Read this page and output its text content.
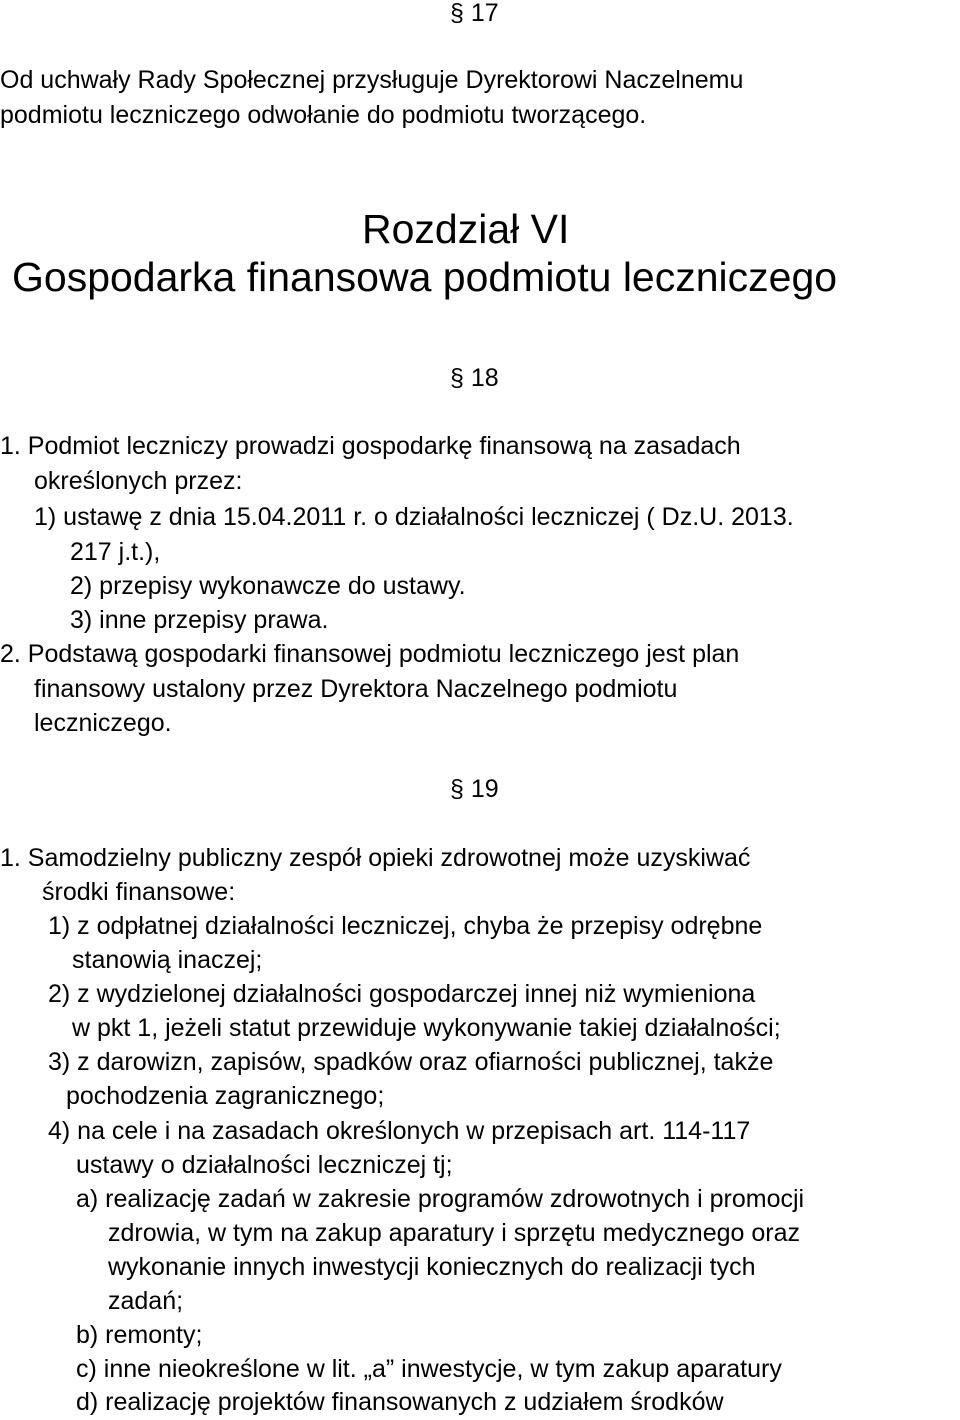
§ 17
Od uchwały Rady Społecznej przysługuje Dyrektorowi Naczelnemu
podmiotu leczniczego odwołanie do podmiotu tworzącego.
Rozdział VI
Gospodarka finansowa podmiotu leczniczego
§ 18
1. Podmiot leczniczy prowadzi gospodarkę finansową na zasadach
określonych przez:
1) ustawę z dnia 15.04.2011 r. o działalności leczniczej ( Dz.U. 2013.
217 j.t.),
2) przepisy wykonawcze do ustawy.
3) inne przepisy prawa.
2. Podstawą gospodarki finansowej podmiotu leczniczego jest plan
finansowy ustalony przez Dyrektora Naczelnego podmiotu
leczniczego.
§ 19
1. Samodzielny publiczny zespół opieki zdrowotnej może uzyskiwać
środki finansowe:
1) z odpłatnej działalności leczniczej, chyba że przepisy odrębne
stanowią inaczej;
2) z wydzielonej działalności gospodarczej innej niż wymieniona
w pkt 1, jeżeli statut przewiduje wykonywanie takiej działalności;
3) z darowizn, zapisów, spadków oraz ofiarności publicznej, także
pochodzenia zagranicznego;
4) na cele i na zasadach określonych w przepisach art. 114-117
ustawy o działalności leczniczej tj;
a) realizację zadań w zakresie programów zdrowotnych i promocji
zdrowia, w tym na zakup aparatury i sprzętu medycznego oraz
wykonanie innych inwestycji koniecznych do realizacji tych
zadań;
b) remonty;
c) inne nieokreślone w lit. „a” inwestycje, w tym zakup aparatury
d) realizację projektów finansowanych z udziałem środków
